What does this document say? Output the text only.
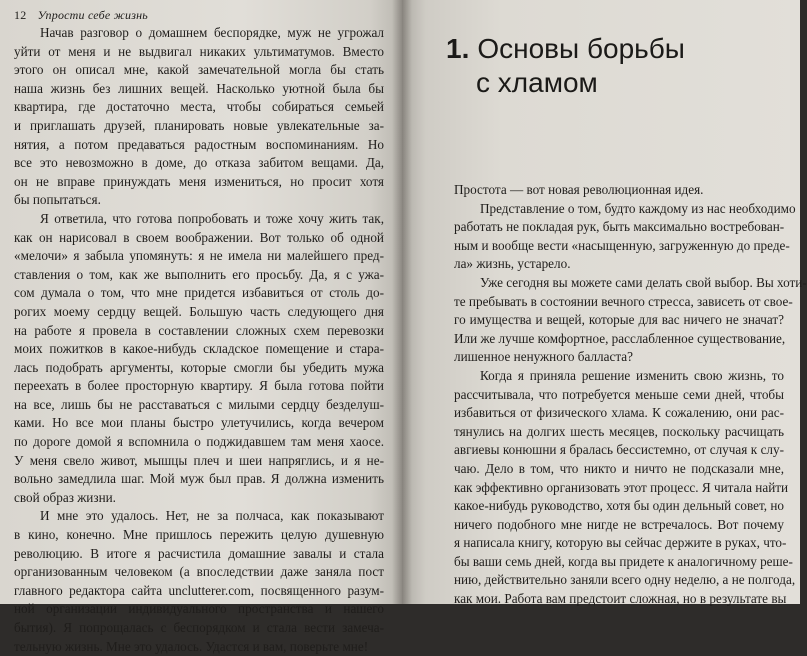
12 Упрости себе жизнь
Начав разговор о домашнем беспорядке, муж не угрожал
уйти от меня и не выдвигал никаких ультиматумов. Вместо
этого он описал мне, какой замечательной могла бы стать
наша жизнь без лишних вещей. Насколько уютной была бы
квартира, где достаточно места, чтобы собираться семьей
и приглашать друзей, планировать новые увлекательные за-
нятия, а потом предаваться радостным воспоминаниям. Но
все это невозможно в доме, до отказа забитом вещами. Да,
он не вправе принуждать меня измениться, но просит хотя
бы попытаться.
Я ответила, что готова попробовать и тоже хочу жить так,
как он нарисовал в своем воображении. Вот только об одной
«мелочи» я забыла упомянуть: я не имела ни малейшего пред-
ставления о том, как же выполнить его просьбу. Да, я с ужа-
сом думала о том, что мне придется избавиться от столь до-
рогих моему сердцу вещей. Большую часть следующего дня
на работе я провела в составлении сложных схем перевозки
моих пожитков в какое-нибудь складское помещение и стара-
лась подобрать аргументы, которые смогли бы убедить мужа
переехать в более просторную квартиру. Я была готова пойти
на все, лишь бы не расставаться с милыми сердцу безделуш-
ками. Но все мои планы быстро улетучились, когда вечером
по дороге домой я вспомнила о поджидавшем там меня хаосе.
У меня свело живот, мышцы плеч и шеи напряглись, и я не-
вольно замедлила шаг. Мой муж был прав. Я должна изменить
свой образ жизни.
И мне это удалось. Нет, не за полчаса, как показывают
в кино, конечно. Мне пришлось пережить целую душевную
революцию. В итоге я расчистила домашние завалы и стала
организованным человеком (а впоследствии даже заняла пост
главного редактора сайта unclutterer.com, посвященного разум-
ной организации индивидуального пространства и нашего
бытия). Я попрощалась с беспорядком и стала вести замеча-
тельную жизнь. Мне это удалось. Удастся и вам, поверьте мне!
1. Основы борьбы
с хламом
Простота — вот новая революционная идея.
Представление о том, будто каждому из нас необходимо
работать не покладая рук, быть максимально востребован-
ным и вообще вести «насыщенную, загруженную до преде-
ла» жизнь, устарело.
Уже сегодня вы можете сами делать свой выбор. Вы хоти-
те пребывать в состоянии вечного стресса, зависеть от свое-
го имущества и вещей, которые для вас ничего не значат?
Или же лучше комфортное, расслабленное существование,
лишенное ненужного балласта?
Когда я приняла решение изменить свою жизнь, то
рассчитывала, что потребуется меньше семи дней, чтобы
избавиться от физического хлама. К сожалению, они рас-
тянулись на долгих шесть месяцев, поскольку расчищать
авгиевы конюшни я бралась бессистемно, от случая к слу-
чаю. Дело в том, что никто и ничто не подсказали мне,
как эффективно организовать этот процесс. Я читала найти
какое-нибудь руководство, хотя бы один дельный совет, но
ничего подобного мне нигде не встречалось. Вот почему
я написала книгу, которую вы сейчас держите в руках, что-
бы ваши семь дней, когда вы придете к аналогичному реше-
нию, действительно заняли всего одну неделю, а не полгода,
как мои. Работа вам предстоит сложная, но в результате вы
